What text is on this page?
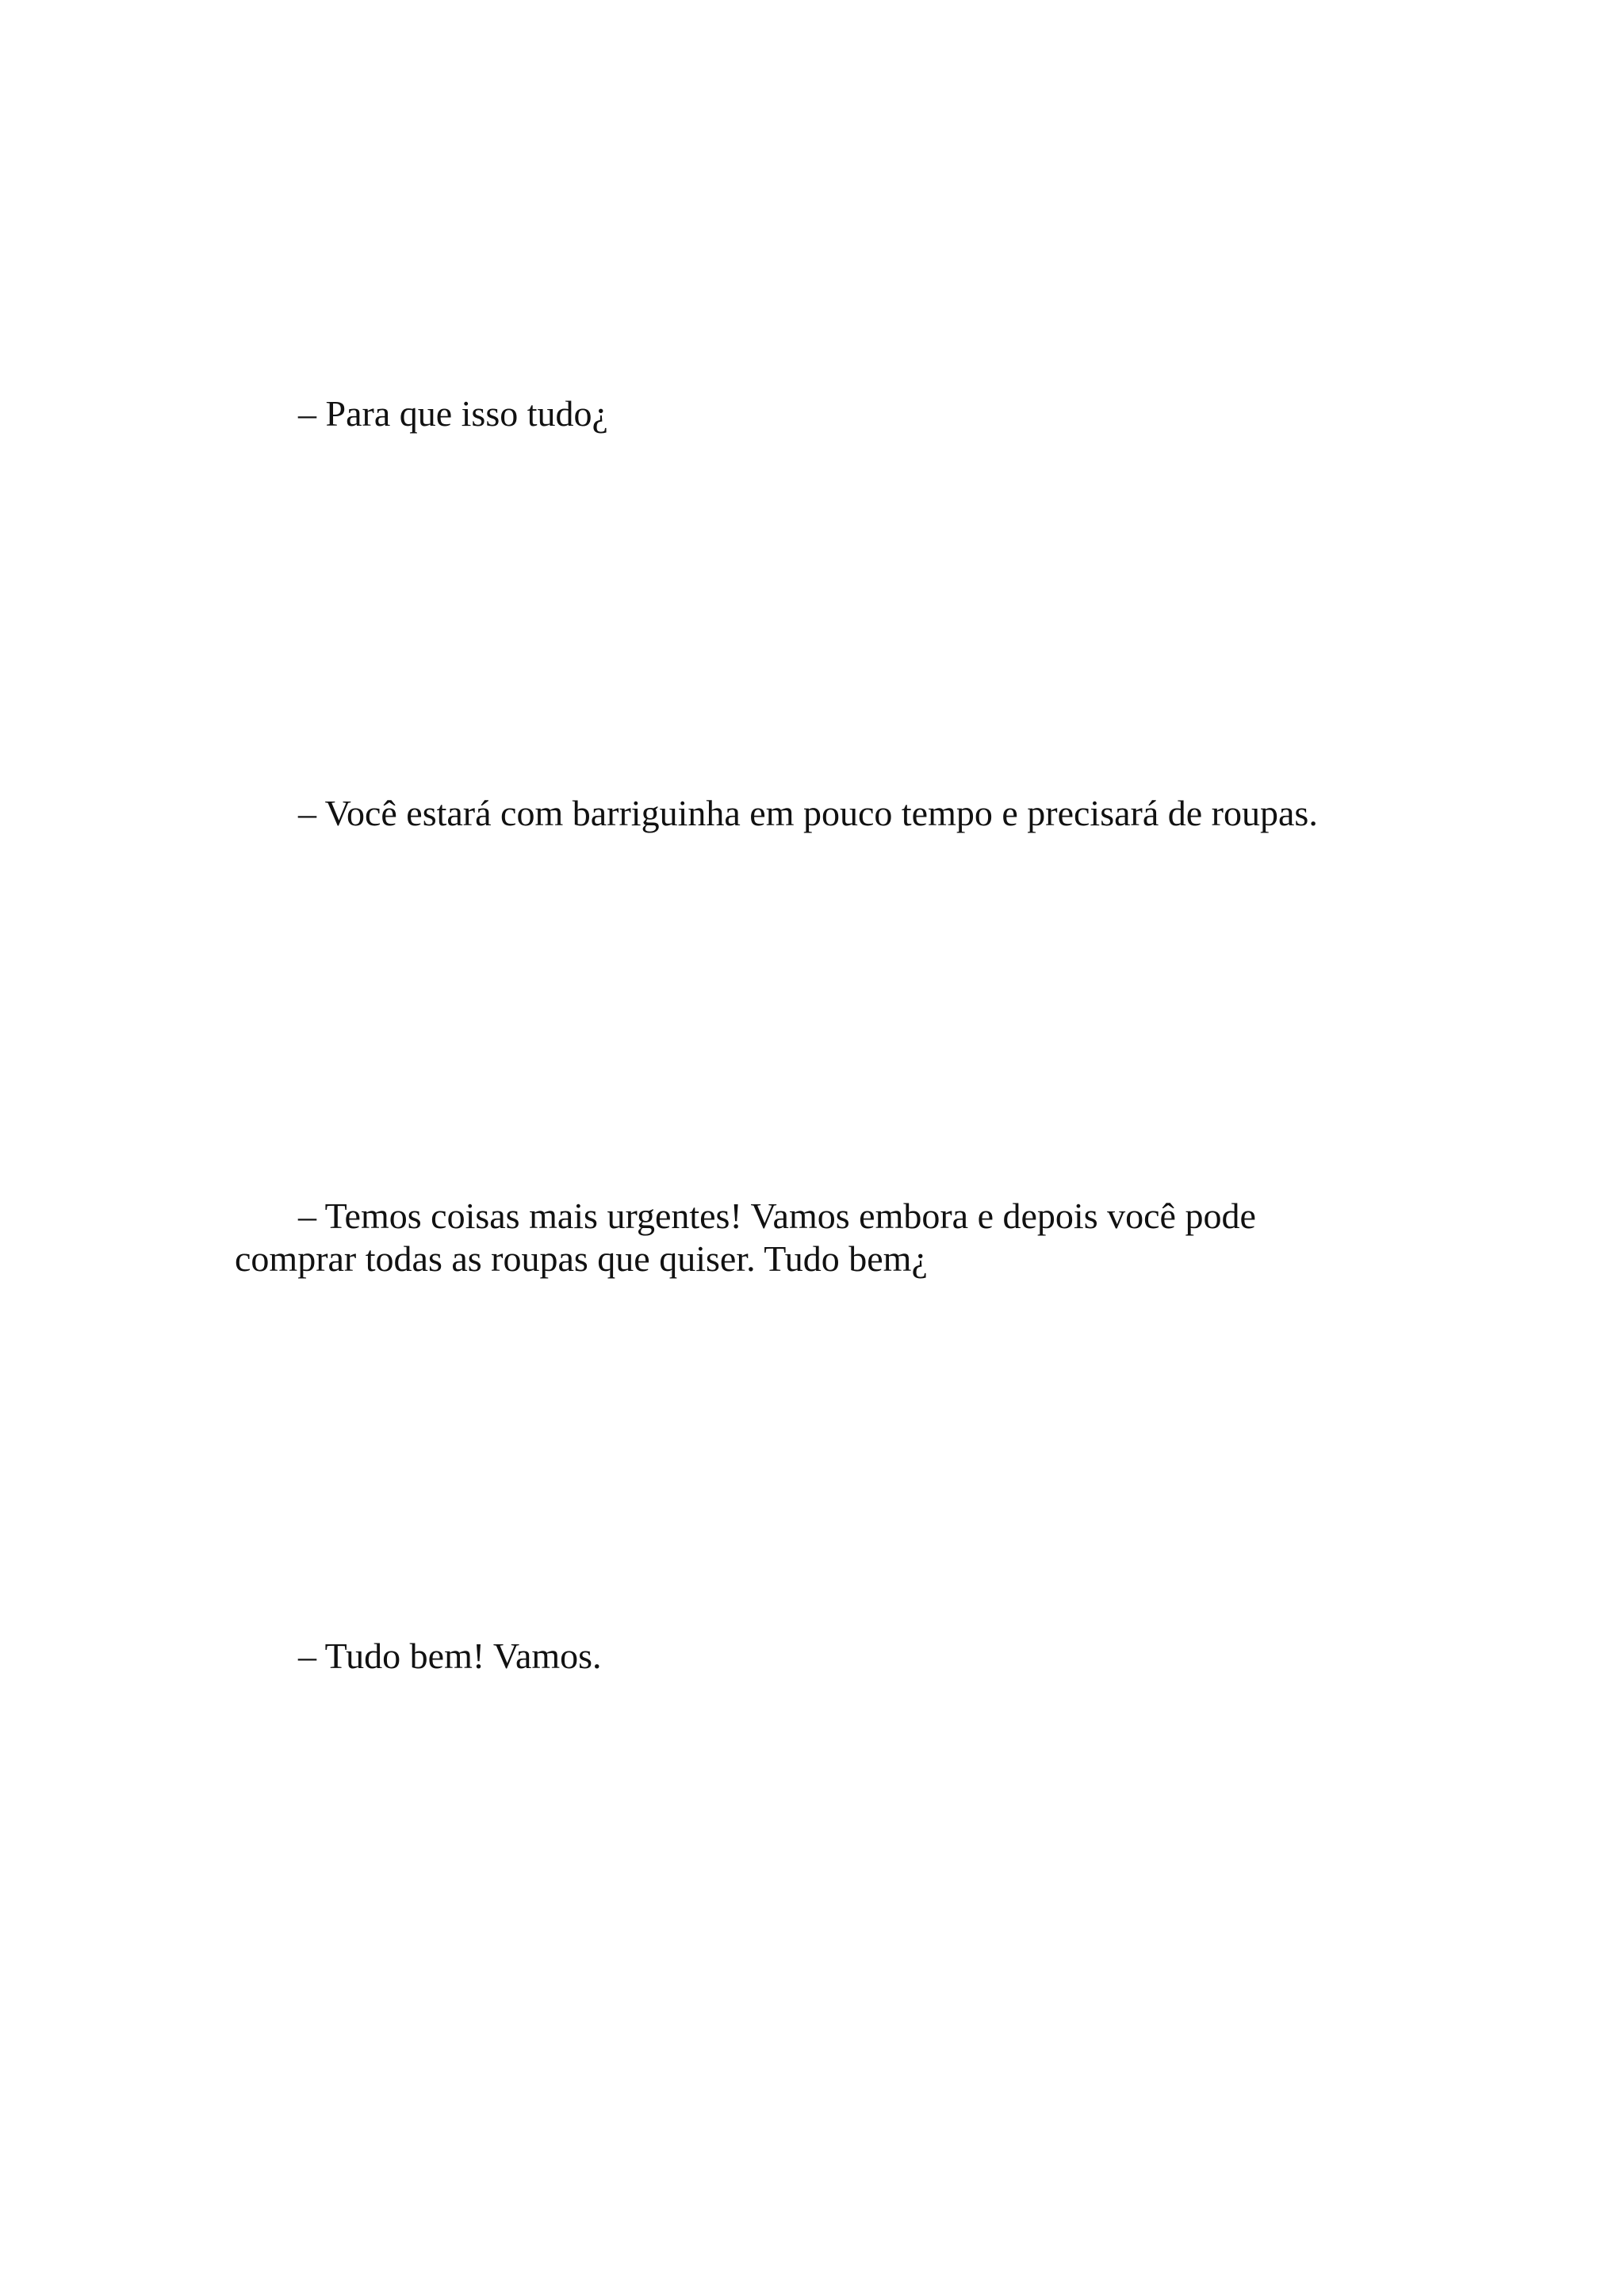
– Para que isso tudo¿

– Você estará com barriguinha em pouco tempo e precisará de roupas.

– Temos coisas mais urgentes! Vamos embora e depois você pode comprar todas as roupas que quiser. Tudo bem¿

– Tudo bem! Vamos.
